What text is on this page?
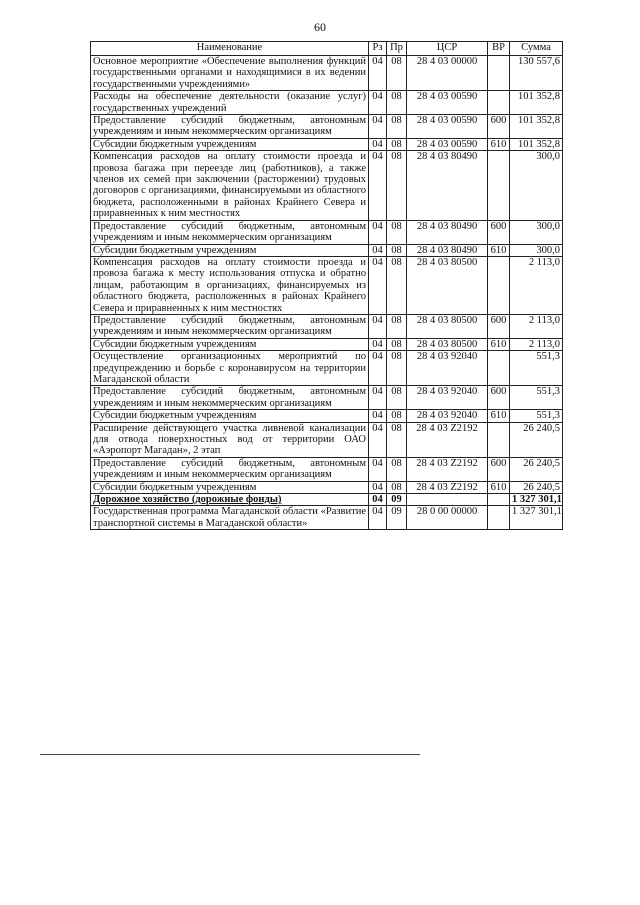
60
Наименование	Рз	Пр	ЦСР	ВР	Сумма
Основное мероприятие «Обеспечение выполнения функций государственными органами и находящимися в их ведении государственными учреждениями»	04	08	28 4 03 00000		130 557,6
Расходы на обеспечение деятельности (оказание услуг) государственных учреждений	04	08	28 4 03 00590		101 352,8
Предоставление субсидий бюджетным, автономным учреждениям и иным некоммерческим организациям	04	08	28 4 03 00590	600	101 352,8
Субсидии бюджетным учреждениям	04	08	28 4 03 00590	610	101 352,8
Компенсация расходов на оплату стоимости проезда и провоза багажа при переезде лиц (работников), а также членов их семей при заключении (расторжении) трудовых договоров с организациями, финансируемыми из областного бюджета, расположенными в районах Крайнего Севера и приравненных к ним местностях	04	08	28 4 03 80490		300,0
Предоставление субсидий бюджетным, автономным учреждениям и иным некоммерческим организациям	04	08	28 4 03 80490	600	300,0
Субсидии бюджетным учреждениям	04	08	28 4 03 80490	610	300,0
Компенсация расходов на оплату стоимости проезда и провоза багажа к месту использования отпуска и обратно лицам, работающим в организациях, финансируемых из областного бюджета, расположенных в районах Крайнего Севера и приравненных к ним местностях	04	08	28 4 03 80500		2 113,0
Предоставление субсидий бюджетным, автономным учреждениям и иным некоммерческим организациям	04	08	28 4 03 80500	600	2 113,0
Субсидии бюджетным учреждениям	04	08	28 4 03 80500	610	2 113,0
Осуществление организационных мероприятий по предупреждению и борьбе с коронавирусом на территории Магаданской области	04	08	28 4 03 92040		551,3
Предоставление субсидий бюджетным, автономным учреждениям и иным некоммерческим организациям	04	08	28 4 03 92040	600	551,3
Субсидии бюджетным учреждениям	04	08	28 4 03 92040	610	551,3
Расширение действующего участка ливневой канализации для отвода поверхностных вод от территории ОАО «Аэропорт Магадан», 2 этап	04	08	28 4 03 Z2192		26 240,5
Предоставление субсидий бюджетным, автономным учреждениям и иным некоммерческим организациям	04	08	28 4 03 Z2192	600	26 240,5
Субсидии бюджетным учреждениям	04	08	28 4 03 Z2192	610	26 240,5
Дорожное хозяйство (дорожные фонды)	04	09			1 327 301,1
Государственная программа Магаданской области «Развитие транспортной системы в Магаданской области»	04	09	28 0 00 00000		1 327 301,1
